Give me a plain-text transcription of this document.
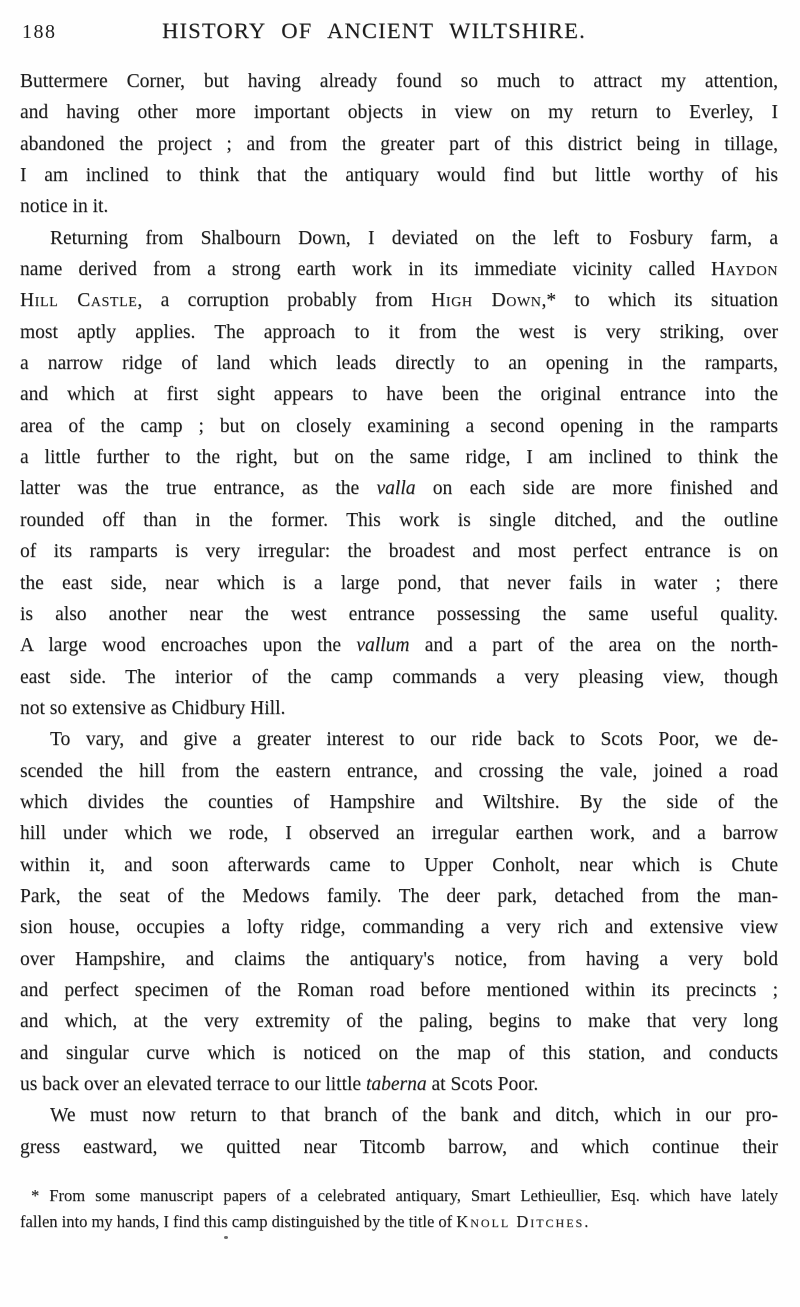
188	HISTORY OF ANCIENT WILTSHIRE.
Buttermere Corner, but having already found so much to attract my attention,
and having other more important objects in view on my return to Everley, I
abandoned the project ; and from the greater part of this district being in tillage,
I am inclined to think that the antiquary would find but little worthy of his
notice in it.
Returning from Shalbourn Down, I deviated on the left to Fosbury farm, a
name derived from a strong earth work in its immediate vicinity called Haydon
Hill Castle, a corruption probably from High Down,* to which its situation
most aptly applies. The approach to it from the west is very striking, over
a narrow ridge of land which leads directly to an opening in the ramparts,
and which at first sight appears to have been the original entrance into the
area of the camp ; but on closely examining a second opening in the ramparts
a little further to the right, but on the same ridge, I am inclined to think the
latter was the true entrance, as the valla on each side are more finished and
rounded off than in the former. This work is single ditched, and the outline
of its ramparts is very irregular: the broadest and most perfect entrance is on
the east side, near which is a large pond, that never fails in water ; there
is also another near the west entrance possessing the same useful quality.
A large wood encroaches upon the vallum and a part of the area on the north-
east side. The interior of the camp commands a very pleasing view, though
not so extensive as Chidbury Hill.
To vary, and give a greater interest to our ride back to Scots Poor, we de-
scended the hill from the eastern entrance, and crossing the vale, joined a road
which divides the counties of Hampshire and Wiltshire. By the side of the
hill under which we rode, I observed an irregular earthen work, and a barrow
within it, and soon afterwards came to Upper Conholt, near which is Chute
Park, the seat of the Medows family. The deer park, detached from the man-
sion house, occupies a lofty ridge, commanding a very rich and extensive view
over Hampshire, and claims the antiquary's notice, from having a very bold
and perfect specimen of the Roman road before mentioned within its precincts ;
and which, at the very extremity of the paling, begins to make that very long
and singular curve which is noticed on the map of this station, and conducts
us back over an elevated terrace to our little taberna at Scots Poor.
We must now return to that branch of the bank and ditch, which in our pro-
gress eastward, we quitted near Titcomb barrow, and which continue their
* From some manuscript papers of a celebrated antiquary, Smart Lethieullier, Esq. which have lately
fallen into my hands, I find this camp distinguished by the title of Knoll Ditches.
